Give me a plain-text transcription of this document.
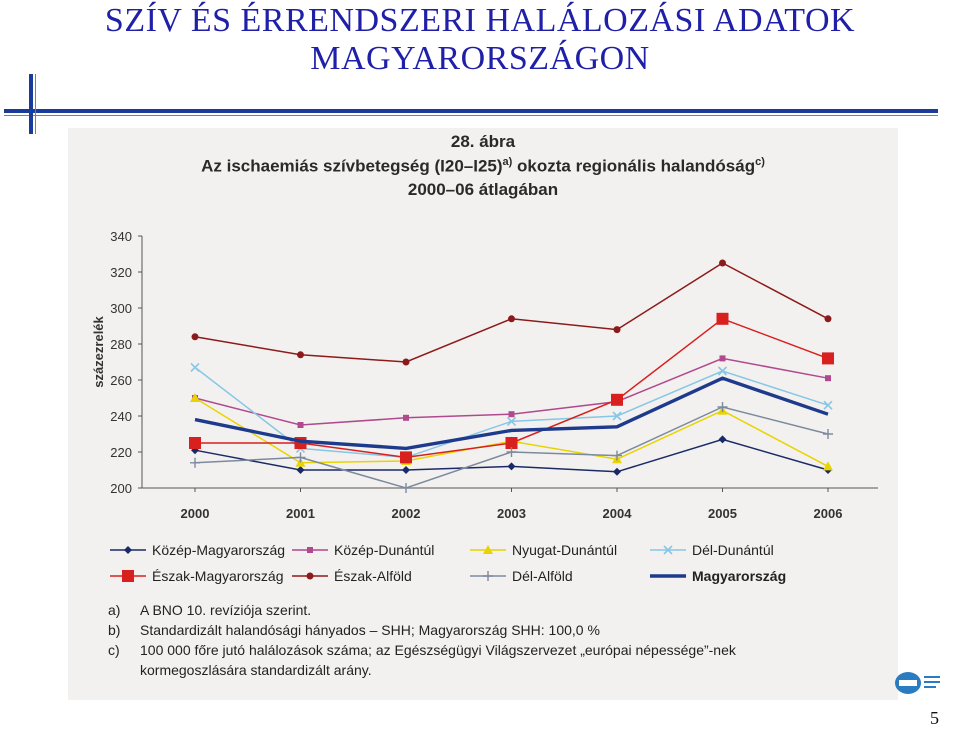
SZÍV ÉS ÉRRENDSZERI HALÁLOZÁSI ADATOK
MAGYARORSZÁGON
28. ábra
Az ischaemiás szívbetegség $(I20-I25)^{a)}$ okozta regionális halandóság$^{c)}$
2000–06 átlagában
200
220
240
260
280
300
320
340
2000	2001	2002	2003	2004	2005	2006
százezrelék
Közép-Magyarország	Közép-Dunántúl	Nyugat-Dunántúl	Dél-Dunántúl
Észak-Magyarország	Észak-Alföld	Dél-Alföld	Magyarország
a)	A BNO 10. revíziója szerint.
b)	Standardizált halandósági hányados – SHH; Magyarország SHH: 100,0 %
c)	100 000 főre jutó halálozások száma; az Egészségügyi Világszervezet „európai népessége”-nek
kormegoszlására standardizált arány.
5
